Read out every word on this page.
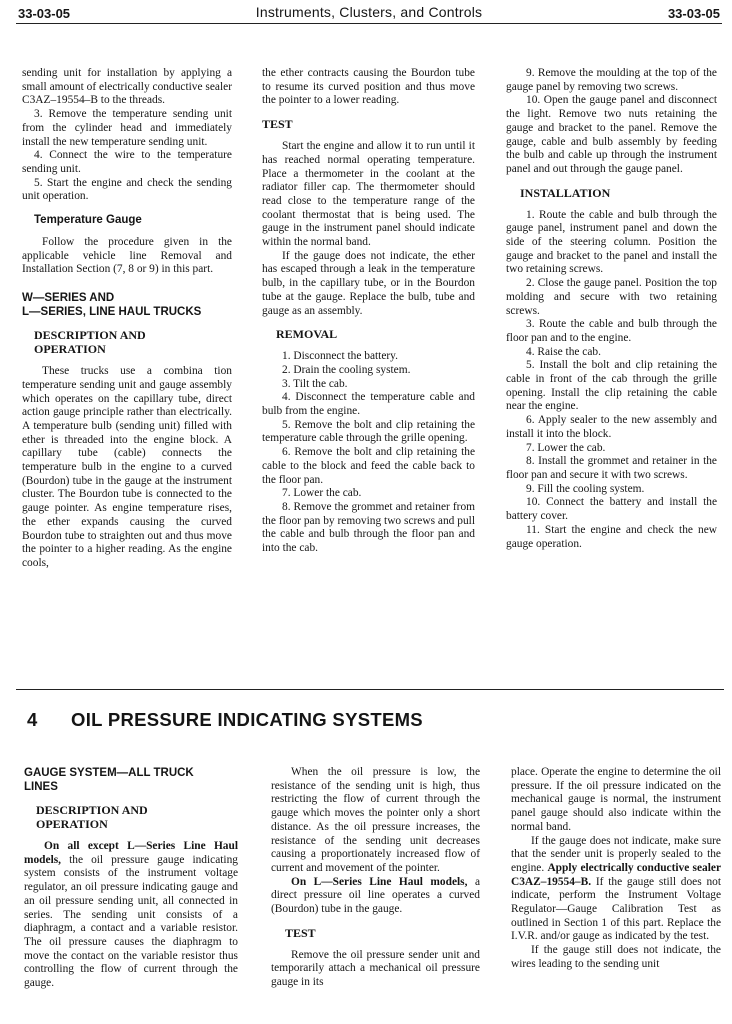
33-03-05	Instruments, Clusters, and Controls	33-03-05

sending unit for installation by applying a small amount of electrically conductive sealer C3AZ–19554–B to the threads.

3. Remove the temperature sending unit from the cylinder head and immediately install the new temperature sending unit.

4. Connect the wire to the temperature sending unit.

5. Start the engine and check the sending unit operation.

Temperature Gauge

Follow the procedure given in the applicable vehicle line Removal and Installation Section (7, 8 or 9) in this part.

W—SERIES AND

L—SERIES, LINE HAUL TRUCKS

DESCRIPTION AND

OPERATION

These trucks use a combina tion temperature sending unit and gauge assembly which operates on the capillary tube, direct action gauge principle rather than electrically. A temperature bulb (sending unit) filled with ether is threaded into the engine block. A capillary tube (cable) connects the temperature bulb in the engine to a curved (Bourdon) tube in the gauge at the instrument cluster. The Bourdon tube is connected to the gauge pointer. As engine temperature rises, the ether expands causing the curved Bourdon tube to straighten out and thus move the pointer to a higher reading. As the engine cools,

the ether contracts causing the Bourdon tube to resume its curved position and thus move the pointer to a lower reading.

TEST

Start the engine and allow it to run until it has reached normal operating temperature. Place a thermometer in the coolant at the radiator filler cap. The thermometer should read close to the temperature range of the coolant thermostat that is being used. The gauge in the instrument panel should indicate within the normal band.

If the gauge does not indicate, the ether has escaped through a leak in the temperature bulb, in the capillary tube, or in the Bourdon tube at the gauge. Replace the bulb, tube and gauge as an assembly.

REMOVAL

1. Disconnect the battery.

2. Drain the cooling system.

3. Tilt the cab.

4. Disconnect the temperature cable and bulb from the engine.

5. Remove the bolt and clip retaining the temperature cable through the grille opening.

6. Remove the bolt and clip retaining the cable to the block and feed the cable back to the floor pan.

7. Lower the cab.

8. Remove the grommet and retainer from the floor pan by removing two screws and pull the cable and bulb through the floor pan and into the cab.

9. Remove the moulding at the top of the gauge panel by removing two screws.

10. Open the gauge panel and disconnect the light. Remove two nuts retaining the gauge and bracket to the panel. Remove the gauge, cable and bulb assembly by feeding the bulb and cable up through the instrument panel and out through the gauge panel.

INSTALLATION

1. Route the cable and bulb through the gauge panel, instrument panel and down the side of the steering column. Position the gauge and bracket to the panel and install the two retaining screws.

2. Close the gauge panel. Position the top molding and secure with two retaining screws.

3. Route the cable and bulb through the floor pan and to the engine.

4. Raise the cab.

5. Install the bolt and clip retaining the cable in front of the cab through the grille opening. Install the clip retaining the cable near the engine.

6. Apply sealer to the new assembly and install it into the block.

7. Lower the cab.

8. Install the grommet and retainer in the floor pan and secure it with two screws.

9. Fill the cooling system.

10. Connect the battery and install the battery cover.

11. Start the engine and check the new gauge operation.

4 OIL PRESSURE INDICATING SYSTEMS

GAUGE SYSTEM—ALL TRUCK

LINES

DESCRIPTION AND

OPERATION

On all except L—Series Line Haul models, the oil pressure gauge indicating system consists of the instrument voltage regulator, an oil pressure indicating gauge and an oil pressure sending unit, all connected in series. The sending unit consists of a diaphragm, a contact and a variable resistor. The oil pressure causes the diaphragm to move the contact on the variable resistor thus controlling the flow of current through the gauge.

When the oil pressure is low, the resistance of the sending unit is high, thus restricting the flow of current through the gauge which moves the pointer only a short distance. As the oil pressure increases, the resistance of the sending unit decreases causing a proportionately increased flow of current and movement of the pointer.

On L—Series Line Haul models, a direct pressure oil line operates a curved (Bourdon) tube in the gauge.

TEST

Remove the oil pressure sender unit and temporarily attach a mechanical oil pressure gauge in its

place. Operate the engine to determine the oil pressure. If the oil pressure indicated on the mechanical gauge is normal, the instrument panel gauge should also indicate within the normal band.

If the gauge does not indicate, make sure that the sender unit is properly sealed to the engine. Apply electrically conductive sealer C3AZ–19554–B. If the gauge still does not indicate, perform the Instrument Voltage Regulator—Gauge Calibration Test as outlined in Section 1 of this part. Replace the I.V.R. and/or gauge as indicated by the test.

If the gauge still does not indicate, the wires leading to the sending unit
